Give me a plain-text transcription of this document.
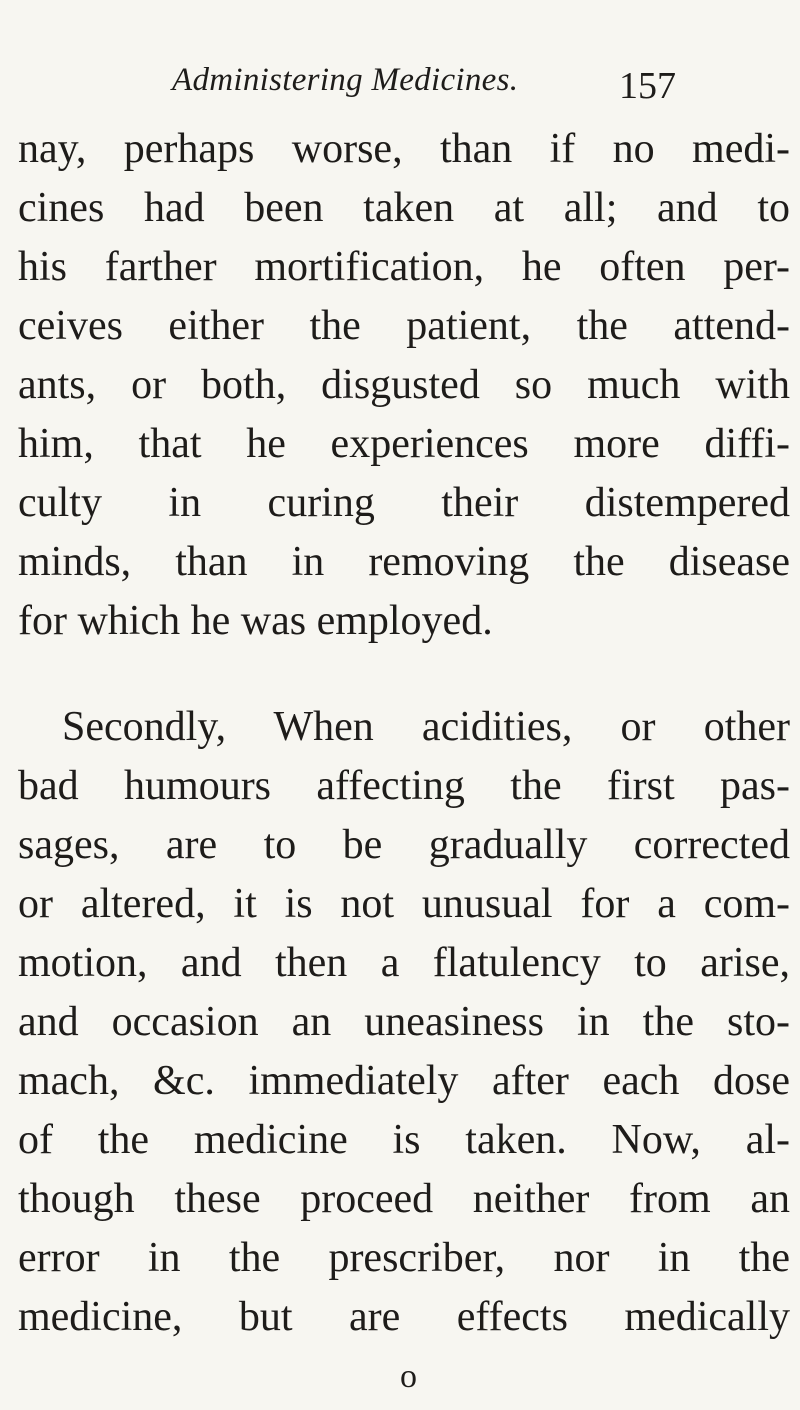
Administering Medicines.	157
nay, perhaps worse, than if no medi-
cines had been taken at all; and to
his farther mortification, he often per-
ceives either the patient, the attend-
ants, or both, disgusted so much with
him, that he experiences more diffi-
culty in curing their distempered
minds, than in removing the disease
for which he was employed.
Secondly, When acidities, or other
bad humours affecting the first pas-
sages, are to be gradually corrected
or altered, it is not unusual for a com-
motion, and then a flatulency to arise,
and occasion an uneasiness in the sto-
mach, &c. immediately after each dose
of the medicine is taken. Now, al-
though these proceed neither from an
error in the prescriber, nor in the
medicine, but are effects medically
o
